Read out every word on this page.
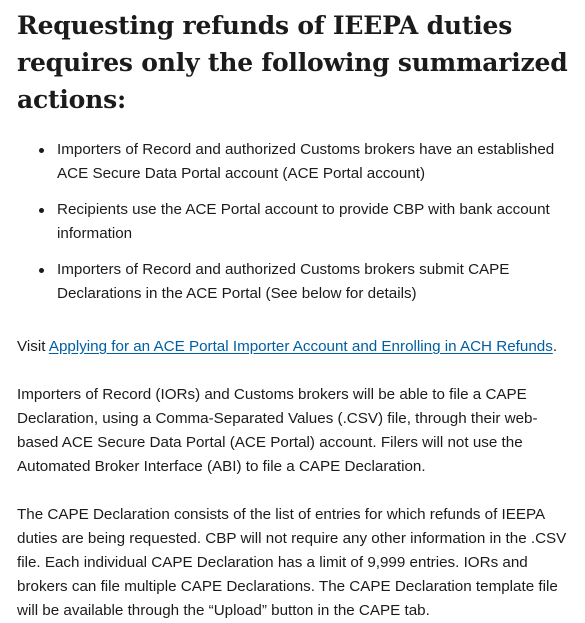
Requesting refunds of IEEPA duties requires only the following summarized actions:
Importers of Record and authorized Customs brokers have an established ACE Secure Data Portal account (ACE Portal account)
Recipients use the ACE Portal account to provide CBP with bank account information
Importers of Record and authorized Customs brokers submit CAPE Declarations in the ACE Portal (See below for details)

Visit Applying for an ACE Portal Importer Account and Enrolling in ACH Refunds.

Importers of Record (IORs) and Customs brokers will be able to file a CAPE Declaration, using a Comma-Separated Values (.CSV) file, through their web-based ACE Secure Data Portal (ACE Portal) account. Filers will not use the Automated Broker Interface (ABI) to file a CAPE Declaration.

The CAPE Declaration consists of the list of entries for which refunds of IEEPA duties are being requested. CBP will not require any other information in the .CSV file. Each individual CAPE Declaration has a limit of 9,999 entries. IORs and brokers can file multiple CAPE Declarations. The CAPE Declaration template file will be available through the “Upload” button in the CAPE tab.
